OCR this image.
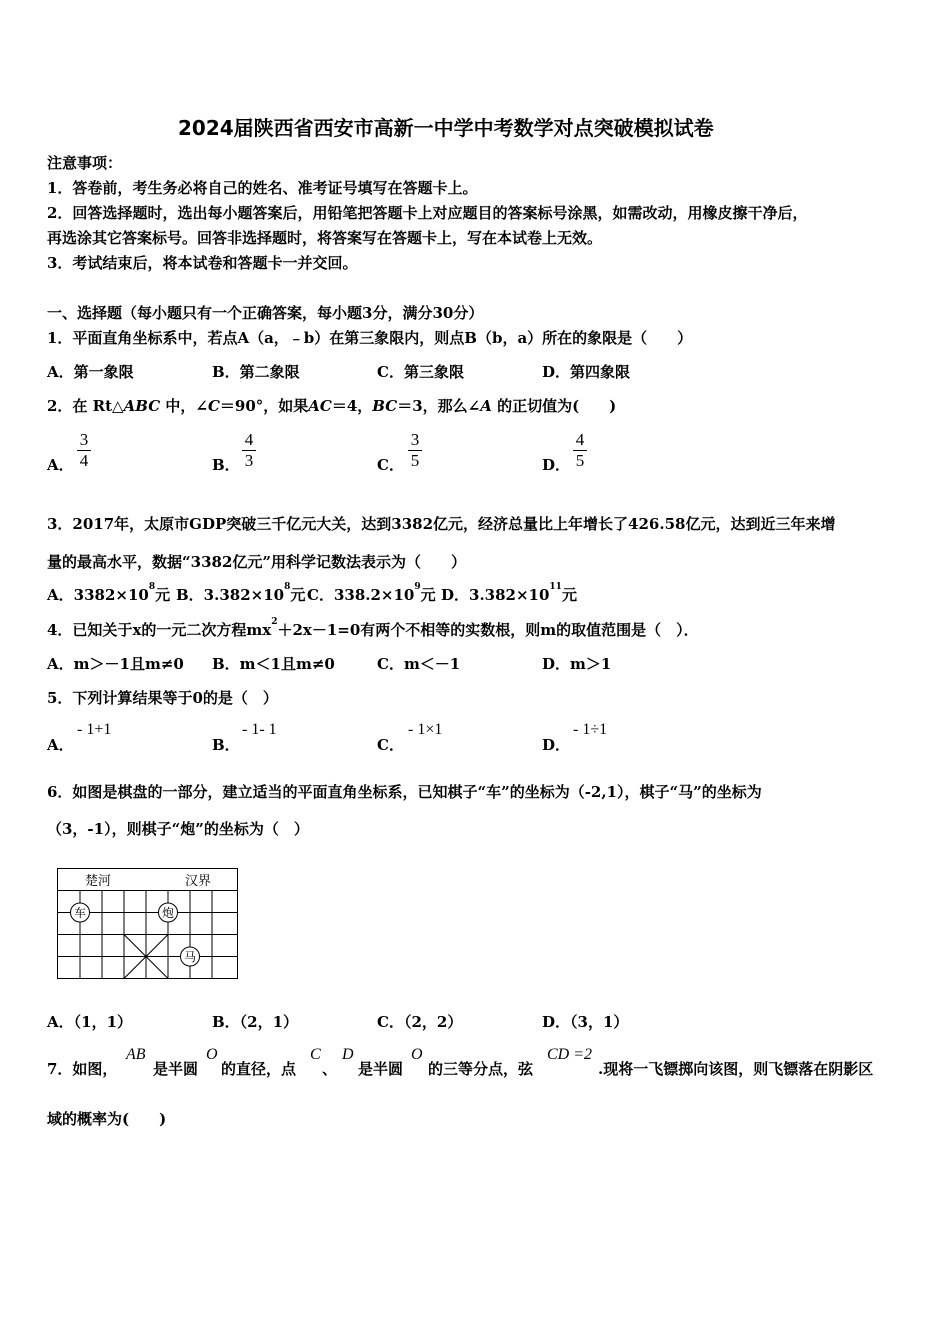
2024届陕西省西安市高新一中学中考数学对点突破模拟试卷
注意事项：
1．答卷前，考生务必将自己的姓名、准考证号填写在答题卡上。
2．回答选择题时，选出每小题答案后，用铅笔把答题卡上对应题目的答案标号涂黑，如需改动，用橡皮擦干净后，
再选涂其它答案标号。回答非选择题时，将答案写在答题卡上，写在本试卷上无效。
3．考试结束后，将本试卷和答题卡一并交回。
一、选择题（每小题只有一个正确答案，每小题3分，满分30分）
1．平面直角坐标系中，若点A（a，﹣b）在第三象限内，则点B（b，a）所在的象限是（　　）
A．第一象限	B．第二象限	C．第三象限	D．第四象限
2．在 Rt△ABC 中，∠C＝90°，如果AC＝4，BC＝3，那么∠A 的正切值为(　　)
A．
3
4	B．
4
3	C．
3
5	D．
4
5
3．2017年，太原市GDP突破三千亿元大关，达到3382亿元，经济总量比上年增长了426.58亿元，达到近三年来增
量的最高水平，数据“3382亿元”用科学记数法表示为（　　）
A．$3382\times 10^8$元 B．$3.382\times 10^8$元 C．$338.2\times 10^9$元 D．$3.382\times 10^{11}$元
4．已知关于x的一元二次方程$mx^2+2x-1=0$有两个不相等的实数根，则m的取值范围是（　）．
A．m＞－1且m≠0 B．m＜1且m≠0	C．m＜－1	D．m＞1
5．下列计算结果等于0的是（　）
A．
- 1+1
B．
- 1- 1
C．
- 1×1
D．
- 1÷1
6．如图是棋盘的一部分，建立适当的平面直角坐标系，已知棋子“车”的坐标为（-2,1），棋子“马”的坐标为
（3，-1），则棋子“炮”的坐标为（　）
楚河	汉界
车	炮
马
A．（1，1）	B．（2，1）	C．（2，2）	D．（3，1）
7．如图，
AB
是半圆
O
的直径，点
C
、
D
是半圆
O
的三等分点，弦
CD =2
.现将一飞镖掷向该图，则飞镖落在阴影区
域的概率为(　　)
